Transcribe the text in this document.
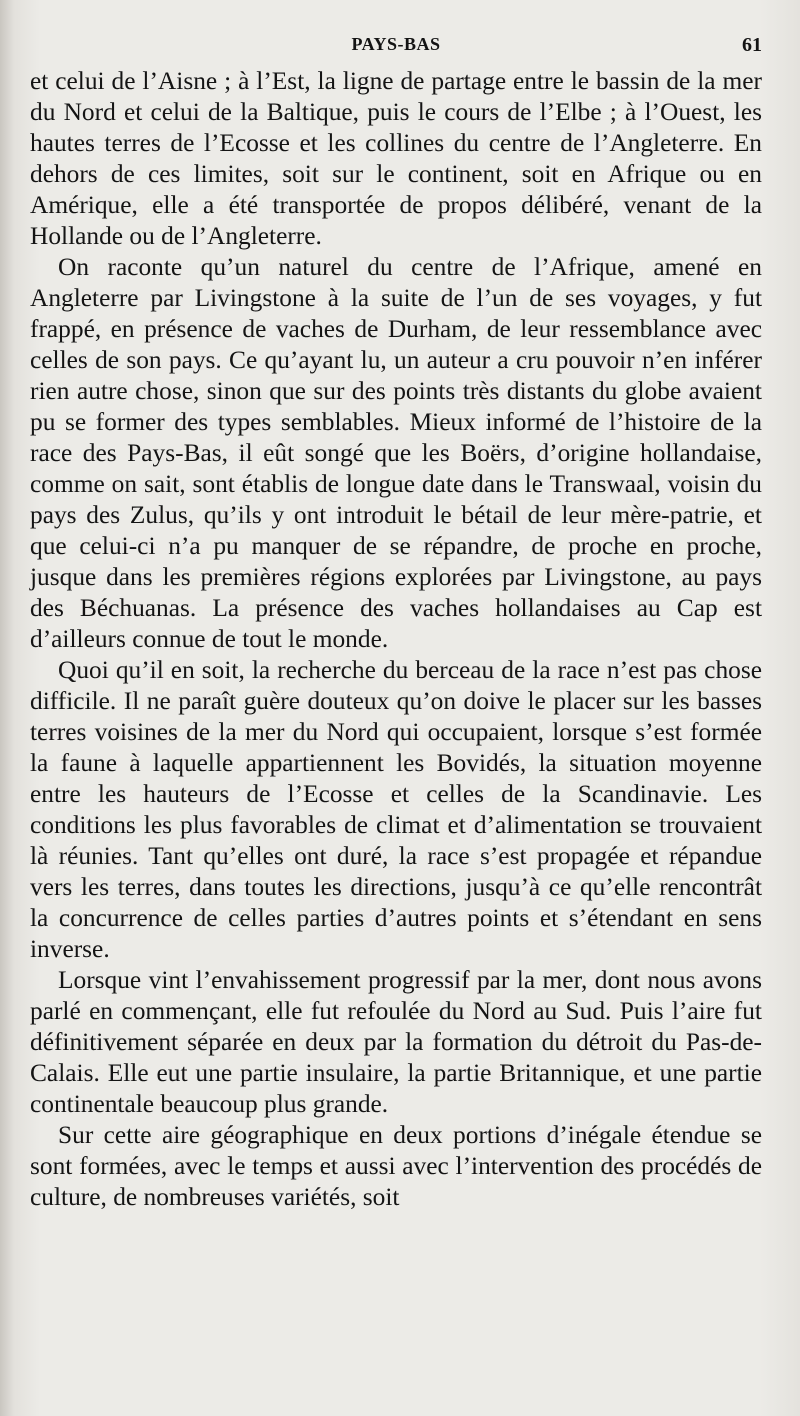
PAYS-BAS	61

et celui de l’Aisne ; à l’Est, la ligne de partage entre le bassin de la mer du Nord et celui de la Baltique, puis le cours de l’Elbe ; à l’Ouest, les hautes terres de l’Ecosse et les collines du centre de l’Angleterre. En dehors de ces limites, soit sur le continent, soit en Afrique ou en Amérique, elle a été transportée de propos délibéré, venant de la Hollande ou de l’Angleterre.

On raconte qu’un naturel du centre de l’Afrique, amené en Angleterre par Livingstone à la suite de l’un de ses voyages, y fut frappé, en présence de vaches de Durham, de leur ressemblance avec celles de son pays. Ce qu’ayant lu, un auteur a cru pouvoir n’en inférer rien autre chose, sinon que sur des points très distants du globe avaient pu se former des types semblables. Mieux informé de l’histoire de la race des Pays-Bas, il eût songé que les Boërs, d’origine hollandaise, comme on sait, sont établis de longue date dans le Transwaal, voisin du pays des Zulus, qu’ils y ont introduit le bétail de leur mère-patrie, et que celui-ci n’a pu manquer de se répandre, de proche en proche, jusque dans les premières régions explorées par Livingstone, au pays des Béchuanas. La présence des vaches hollandaises au Cap est d’ailleurs connue de tout le monde.

Quoi qu’il en soit, la recherche du berceau de la race n’est pas chose difficile. Il ne paraît guère douteux qu’on doive le placer sur les basses terres voisines de la mer du Nord qui occupaient, lorsque s’est formée la faune à laquelle appartiennent les Bovidés, la situation moyenne entre les hauteurs de l’Ecosse et celles de la Scandinavie. Les conditions les plus favorables de climat et d’alimentation se trouvaient là réunies. Tant qu’elles ont duré, la race s’est propagée et répandue vers les terres, dans toutes les directions, jusqu’à ce qu’elle rencontrât la concurrence de celles parties d’autres points et s’étendant en sens inverse.

Lorsque vint l’envahissement progressif par la mer, dont nous avons parlé en commençant, elle fut refoulée du Nord au Sud. Puis l’aire fut définitivement séparée en deux par la formation du détroit du Pas-de-Calais. Elle eut une partie insulaire, la partie Britannique, et une partie continentale beaucoup plus grande.

Sur cette aire géographique en deux portions d’inégale étendue se sont formées, avec le temps et aussi avec l’intervention des procédés de culture, de nombreuses variétés, soit
